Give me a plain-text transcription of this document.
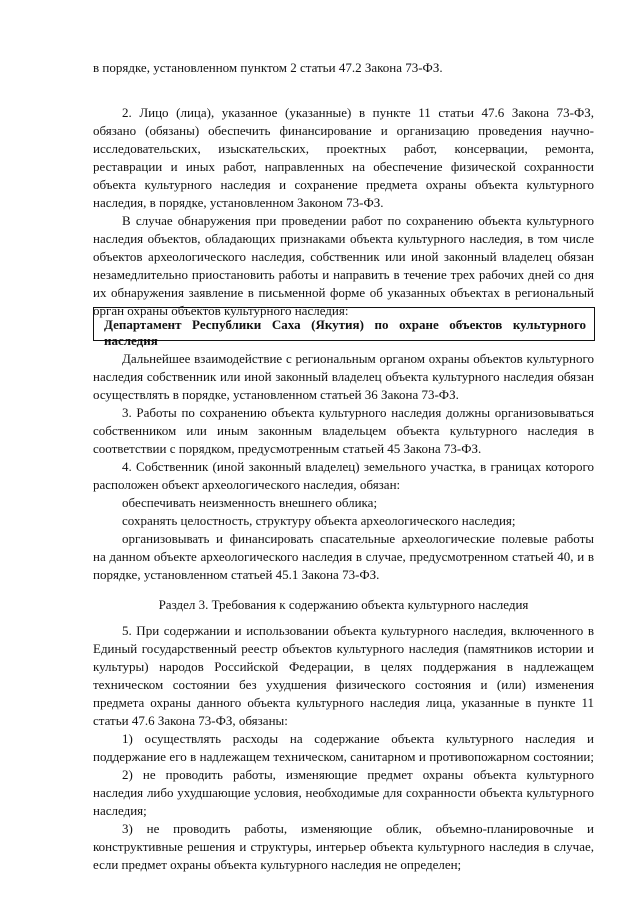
в порядке, установленном пунктом 2 статьи 47.2 Закона 73-ФЗ.
2. Лицо (лица), указанное (указанные) в пункте 11 статьи 47.6 Закона 73-ФЗ,
обязано (обязаны) обеспечить финансирование и организацию проведения научно-
исследовательских, изыскательских, проектных работ, консервации, ремонта,
реставрации и иных работ, направленных на обеспечение физической сохранности
объекта культурного наследия и сохранение предмета охраны объекта культурного
наследия, в порядке, установленном Законом 73-ФЗ.
В случае обнаружения при проведении работ по сохранению объекта культурного
наследия объектов, обладающих признаками объекта культурного наследия, в том числе
объектов археологического наследия, собственник или иной законный владелец обязан
незамедлительно приостановить работы и направить в течение трех рабочих дней со дня
их обнаружения заявление в письменной форме об указанных объектах в региональный
орган охраны объектов культурного наследия:
Департамент Республики Саха (Якутия) по охране объектов культурного наследия
Дальнейшее взаимодействие с региональным органом охраны объектов культурного
наследия собственник или иной законный владелец объекта культурного наследия обязан
осуществлять в порядке, установленном статьей 36 Закона 73-ФЗ.
3. Работы по сохранению объекта культурного наследия должны организовываться
собственником или иным законным владельцем объекта культурного наследия в
соответствии с порядком, предусмотренным статьей 45 Закона 73-ФЗ.
4. Собственник (иной законный владелец) земельного участка, в границах которого
расположен объект археологического наследия, обязан:
обеспечивать неизменность внешнего облика;
сохранять целостность, структуру объекта археологического наследия;
организовывать и финансировать спасательные археологические полевые работы
на данном объекте археологического наследия в случае, предусмотренном статьей 40, и в
порядке, установленном статьей 45.1 Закона 73-ФЗ.
Раздел 3. Требования к содержанию объекта культурного наследия
5. При содержании и использовании объекта культурного наследия, включенного в
Единый государственный реестр объектов культурного наследия (памятников истории и
культуры) народов Российской Федерации, в целях поддержания в надлежащем
техническом состоянии без ухудшения физического состояния и (или) изменения
предмета охраны данного объекта культурного наследия лица, указанные в пункте 11
статьи 47.6 Закона 73-ФЗ, обязаны:
1) осуществлять расходы на содержание объекта культурного наследия и
поддержание его в надлежащем техническом, санитарном и противопожарном состоянии;
2) не проводить работы, изменяющие предмет охраны объекта культурного
наследия либо ухудшающие условия, необходимые для сохранности объекта культурного
наследия;
3) не проводить работы, изменяющие облик, объемно-планировочные и
конструктивные решения и структуры, интерьер объекта культурного наследия в случае,
если предмет охраны объекта культурного наследия не определен;
